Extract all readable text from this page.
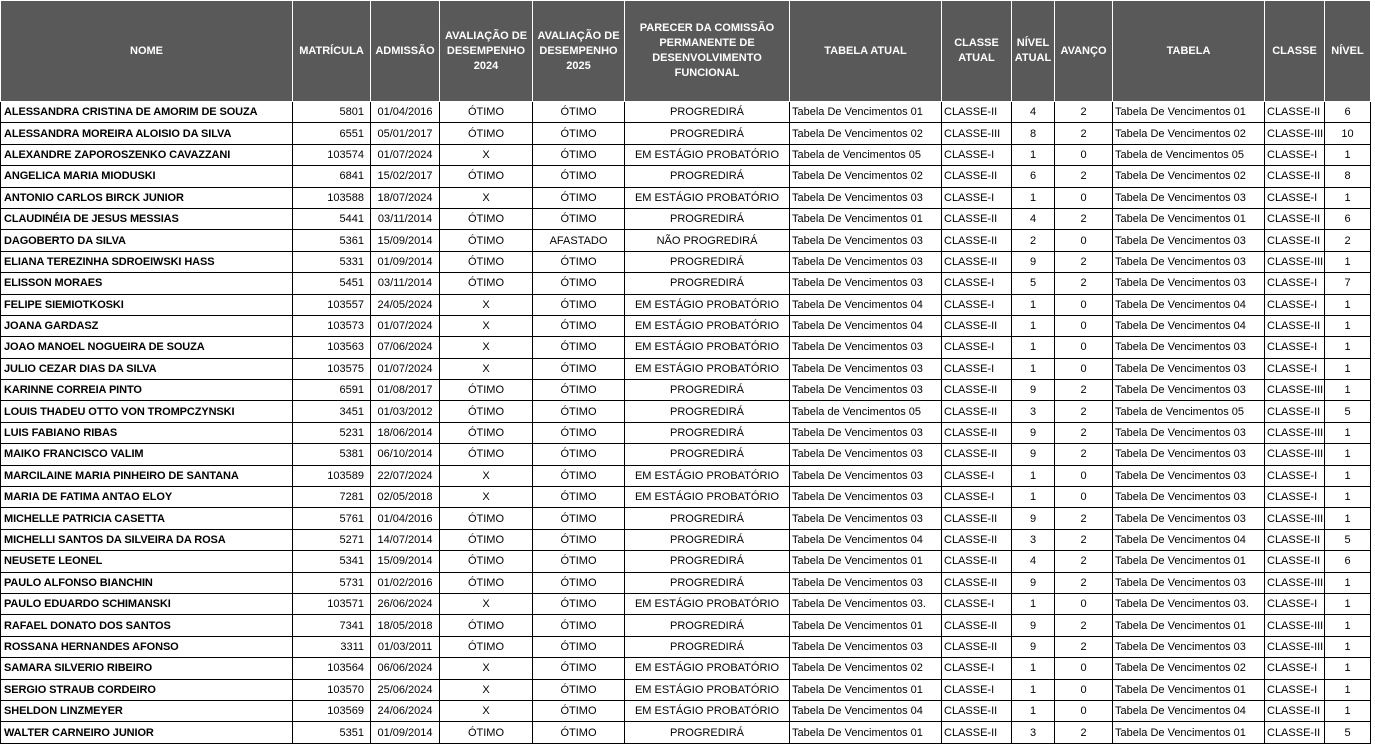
NOME	MATRÍCULA	ADMISSÃO	AVALIAÇÃO DE DESEMPENHO 2024	AVALIAÇÃO DE DESEMPENHO 2025	PARECER DA COMISSÃO PERMANENTE DE DESENVOLVIMENTO FUNCIONAL	TABELA ATUAL	CLASSE ATUAL	NÍVEL ATUAL	AVANÇO	TABELA	CLASSE	NÍVEL
ALESSANDRA CRISTINA DE AMORIM DE SOUZA	5801	01/04/2016	ÓTIMO	ÓTIMO	PROGREDIRÁ	Tabela De Vencimentos 01	CLASSE-II	4	2	Tabela De Vencimentos 01	CLASSE-II	6
ALESSANDRA MOREIRA ALOISIO DA SILVA	6551	05/01/2017	ÓTIMO	ÓTIMO	PROGREDIRÁ	Tabela De Vencimentos 02	CLASSE-III	8	2	Tabela De Vencimentos 02	CLASSE-III	10
ALEXANDRE ZAPOROSZENKO CAVAZZANI	103574	01/07/2024	X	ÓTIMO	EM ESTÁGIO PROBATÓRIO	Tabela de Vencimentos 05	CLASSE-I	1	0	Tabela de Vencimentos 05	CLASSE-I	1
ANGELICA MARIA MIODUSKI	6841	15/02/2017	ÓTIMO	ÓTIMO	PROGREDIRÁ	Tabela De Vencimentos 02	CLASSE-II	6	2	Tabela De Vencimentos 02	CLASSE-II	8
ANTONIO CARLOS BIRCK JUNIOR	103588	18/07/2024	X	ÓTIMO	EM ESTÁGIO PROBATÓRIO	Tabela De Vencimentos 03	CLASSE-I	1	0	Tabela De Vencimentos 03	CLASSE-I	1
CLAUDINÉIA DE JESUS MESSIAS	5441	03/11/2014	ÓTIMO	ÓTIMO	PROGREDIRÁ	Tabela De Vencimentos 01	CLASSE-II	4	2	Tabela De Vencimentos 01	CLASSE-II	6
DAGOBERTO DA SILVA	5361	15/09/2014	ÓTIMO	AFASTADO	NÃO PROGREDIRÁ	Tabela De Vencimentos 03	CLASSE-II	2	0	Tabela De Vencimentos 03	CLASSE-II	2
ELIANA TEREZINHA SDROEIWSKI HASS	5331	01/09/2014	ÓTIMO	ÓTIMO	PROGREDIRÁ	Tabela De Vencimentos 03	CLASSE-II	9	2	Tabela De Vencimentos 03	CLASSE-III	1
ELISSON MORAES	5451	03/11/2014	ÓTIMO	ÓTIMO	PROGREDIRÁ	Tabela De Vencimentos 03	CLASSE-I	5	2	Tabela De Vencimentos 03	CLASSE-I	7
FELIPE SIEMIOTKOSKI	103557	24/05/2024	X	ÓTIMO	EM ESTÁGIO PROBATÓRIO	Tabela De Vencimentos 04	CLASSE-I	1	0	Tabela De Vencimentos 04	CLASSE-I	1
JOANA GARDASZ	103573	01/07/2024	X	ÓTIMO	EM ESTÁGIO PROBATÓRIO	Tabela De Vencimentos 04	CLASSE-II	1	0	Tabela De Vencimentos 04	CLASSE-II	1
JOAO MANOEL NOGUEIRA DE SOUZA	103563	07/06/2024	X	ÓTIMO	EM ESTÁGIO PROBATÓRIO	Tabela De Vencimentos 03	CLASSE-I	1	0	Tabela De Vencimentos 03	CLASSE-I	1
JULIO CEZAR DIAS DA SILVA	103575	01/07/2024	X	ÓTIMO	EM ESTÁGIO PROBATÓRIO	Tabela De Vencimentos 03	CLASSE-I	1	0	Tabela De Vencimentos 03	CLASSE-I	1
KARINNE CORREIA PINTO	6591	01/08/2017	ÓTIMO	ÓTIMO	PROGREDIRÁ	Tabela De Vencimentos 03	CLASSE-II	9	2	Tabela De Vencimentos 03	CLASSE-III	1
LOUIS THADEU OTTO VON TROMPCZYNSKI	3451	01/03/2012	ÓTIMO	ÓTIMO	PROGREDIRÁ	Tabela de Vencimentos 05	CLASSE-II	3	2	Tabela de Vencimentos 05	CLASSE-II	5
LUIS FABIANO RIBAS	5231	18/06/2014	ÓTIMO	ÓTIMO	PROGREDIRÁ	Tabela De Vencimentos 03	CLASSE-II	9	2	Tabela De Vencimentos 03	CLASSE-III	1
MAIKO FRANCISCO VALIM	5381	06/10/2014	ÓTIMO	ÓTIMO	PROGREDIRÁ	Tabela De Vencimentos 03	CLASSE-II	9	2	Tabela De Vencimentos 03	CLASSE-III	1
MARCILAINE MARIA PINHEIRO DE SANTANA	103589	22/07/2024	X	ÓTIMO	EM ESTÁGIO PROBATÓRIO	Tabela De Vencimentos 03	CLASSE-I	1	0	Tabela De Vencimentos 03	CLASSE-I	1
MARIA DE FATIMA ANTAO ELOY	7281	02/05/2018	X	ÓTIMO	EM ESTÁGIO PROBATÓRIO	Tabela De Vencimentos 03	CLASSE-I	1	0	Tabela De Vencimentos 03	CLASSE-I	1
MICHELLE PATRICIA CASETTA	5761	01/04/2016	ÓTIMO	ÓTIMO	PROGREDIRÁ	Tabela De Vencimentos 03	CLASSE-II	9	2	Tabela De Vencimentos 03	CLASSE-III	1
MICHELLI SANTOS DA SILVEIRA DA ROSA	5271	14/07/2014	ÓTIMO	ÓTIMO	PROGREDIRÁ	Tabela De Vencimentos 04	CLASSE-II	3	2	Tabela De Vencimentos 04	CLASSE-II	5
NEUSETE LEONEL	5341	15/09/2014	ÓTIMO	ÓTIMO	PROGREDIRÁ	Tabela De Vencimentos 01	CLASSE-II	4	2	Tabela De Vencimentos 01	CLASSE-II	6
PAULO ALFONSO BIANCHIN	5731	01/02/2016	ÓTIMO	ÓTIMO	PROGREDIRÁ	Tabela De Vencimentos 03	CLASSE-II	9	2	Tabela De Vencimentos 03	CLASSE-III	1
PAULO EDUARDO SCHIMANSKI	103571	26/06/2024	X	ÓTIMO	EM ESTÁGIO PROBATÓRIO	Tabela De Vencimentos 03.	CLASSE-I	1	0	Tabela De Vencimentos 03.	CLASSE-I	1
RAFAEL DONATO DOS SANTOS	7341	18/05/2018	ÓTIMO	ÓTIMO	PROGREDIRÁ	Tabela De Vencimentos 01	CLASSE-II	9	2	Tabela De Vencimentos 01	CLASSE-III	1
ROSSANA HERNANDES AFONSO	3311	01/03/2011	ÓTIMO	ÓTIMO	PROGREDIRÁ	Tabela De Vencimentos 03	CLASSE-II	9	2	Tabela De Vencimentos 03	CLASSE-III	1
SAMARA SILVERIO RIBEIRO	103564	06/06/2024	X	ÓTIMO	EM ESTÁGIO PROBATÓRIO	Tabela De Vencimentos 02	CLASSE-I	1	0	Tabela De Vencimentos 02	CLASSE-I	1
SERGIO STRAUB CORDEIRO	103570	25/06/2024	X	ÓTIMO	EM ESTÁGIO PROBATÓRIO	Tabela De Vencimentos 01	CLASSE-I	1	0	Tabela De Vencimentos 01	CLASSE-I	1
SHELDON LINZMEYER	103569	24/06/2024	X	ÓTIMO	EM ESTÁGIO PROBATÓRIO	Tabela De Vencimentos 04	CLASSE-II	1	0	Tabela De Vencimentos 04	CLASSE-II	1
WALTER CARNEIRO JUNIOR	5351	01/09/2014	ÓTIMO	ÓTIMO	PROGREDIRÁ	Tabela De Vencimentos 01	CLASSE-II	3	2	Tabela De Vencimentos 01	CLASSE-II	5
